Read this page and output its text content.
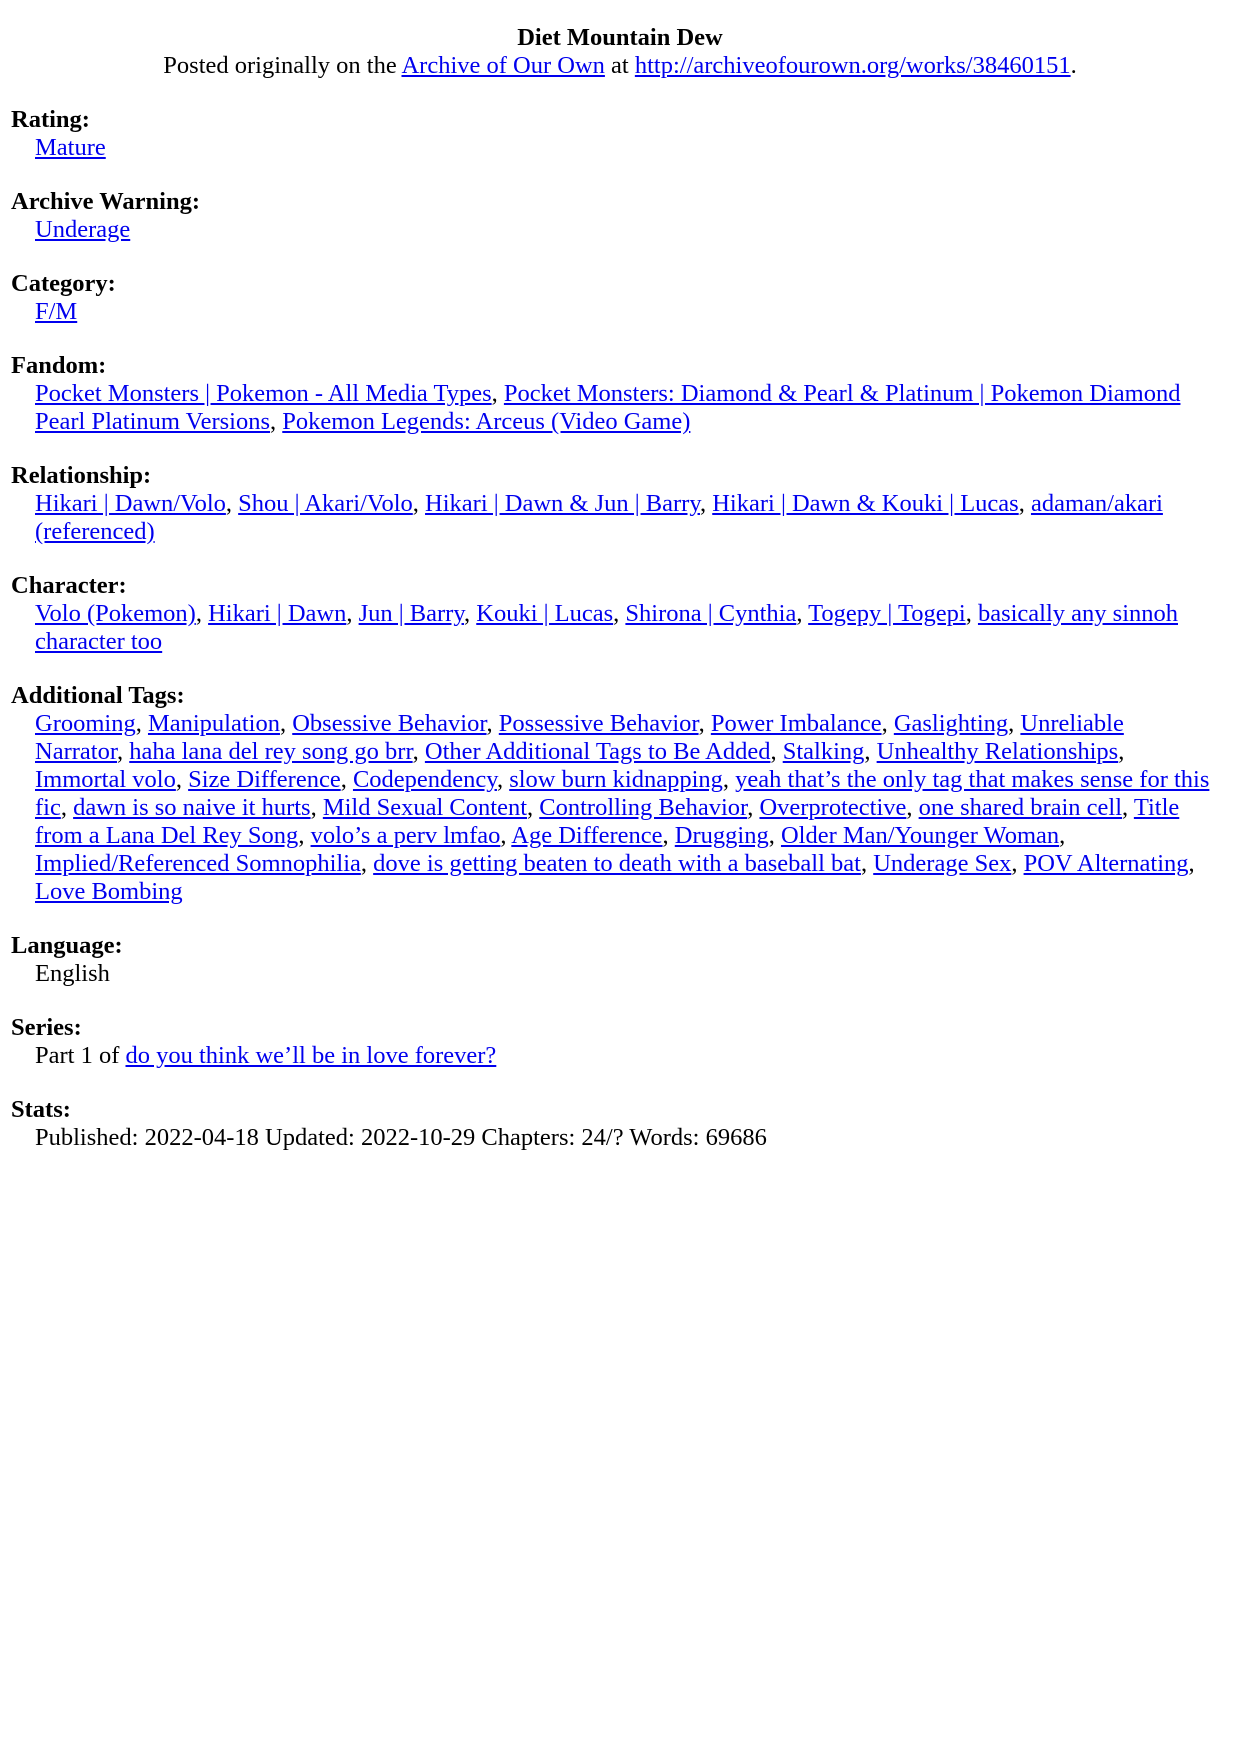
Diet Mountain Dew
Posted originally on the Archive of Our Own at http://archiveofourown.org/works/38460151.
Rating:
Mature
Archive Warning:
Underage
Category:
F/M
Fandom:
Pocket Monsters | Pokemon - All Media Types, Pocket Monsters: Diamond & Pearl & Platinum | Pokemon Diamond Pearl Platinum Versions, Pokemon Legends: Arceus (Video Game)
Relationship:
Hikari | Dawn/Volo, Shou | Akari/Volo, Hikari | Dawn & Jun | Barry, Hikari | Dawn & Kouki | Lucas, adaman/akari (referenced)
Character:
Volo (Pokemon), Hikari | Dawn, Jun | Barry, Kouki | Lucas, Shirona | Cynthia, Togepy | Togepi, basically any sinnoh character too
Additional Tags:
Grooming, Manipulation, Obsessive Behavior, Possessive Behavior, Power Imbalance, Gaslighting, Unreliable Narrator, haha lana del rey song go brr, Other Additional Tags to Be Added, Stalking, Unhealthy Relationships, Immortal volo, Size Difference, Codependency, slow burn kidnapping, yeah that’s the only tag that makes sense for this fic, dawn is so naive it hurts, Mild Sexual Content, Controlling Behavior, Overprotective, one shared brain cell, Title from a Lana Del Rey Song, volo’s a perv lmfao, Age Difference, Drugging, Older Man/Younger Woman, Implied/Referenced Somnophilia, dove is getting beaten to death with a baseball bat, Underage Sex, POV Alternating, Love Bombing
Language:
English
Series:
Part 1 of do you think we’ll be in love forever?
Stats:
Published: 2022-04-18 Updated: 2022-10-29 Chapters: 24/? Words: 69686
